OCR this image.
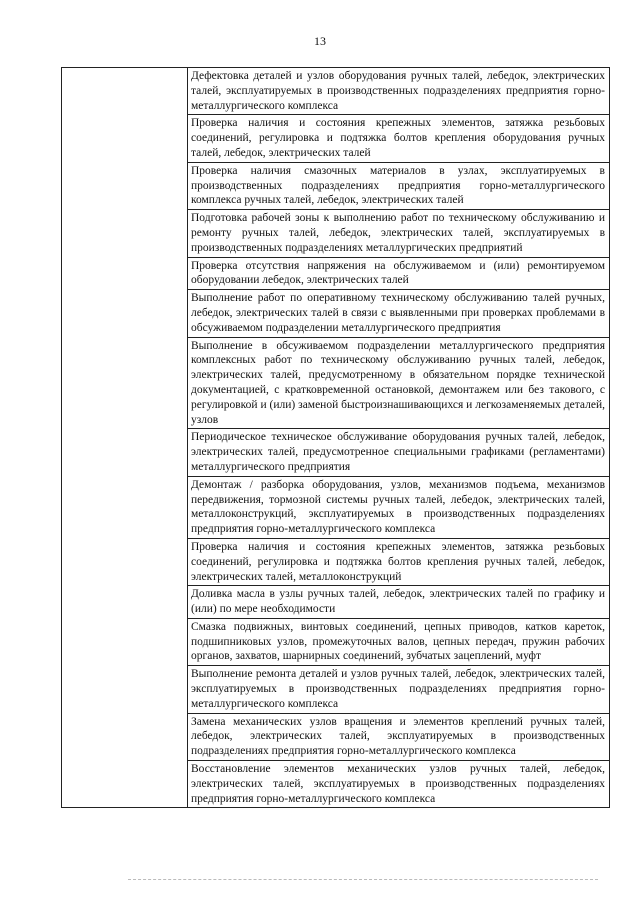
13
Дефектовка деталей и узлов оборудования ручных талей, лебедок, электрических талей, эксплуатируемых в производственных подразделениях предприятия горно-металлургического комплекса
Проверка наличия и состояния крепежных элементов, затяжка резьбовых соединений, регулировка и подтяжка болтов крепления оборудования ручных талей, лебедок, электрических талей
Проверка наличия смазочных материалов в узлах, эксплуатируемых в производственных подразделениях предприятия горно-металлургического комплекса ручных талей, лебедок, электрических талей
Подготовка рабочей зоны к выполнению работ по техническому обслуживанию и ремонту ручных талей, лебедок, электрических талей, эксплуатируемых в производственных подразделениях металлургических предприятий
Проверка отсутствия напряжения на обслуживаемом и (или) ремонтируемом оборудовании лебедок, электрических талей
Выполнение работ по оперативному техническому обслуживанию талей ручных, лебедок, электрических талей в связи с выявленными при проверках проблемами в обсуживаемом подразделении металлургического предприятия
Выполнение в обсуживаемом подразделении металлургического предприятия комплексных работ по техническому обслуживанию ручных талей, лебедок, электрических талей, предусмотренному в обязательном порядке технической документацией, с кратковременной остановкой, демонтажем или без такового, с регулировкой и (или) заменой быстроизнашивающихся и легкозаменяемых деталей, узлов
Периодическое техническое обслуживание оборудования ручных талей, лебедок, электрических талей, предусмотренное специальными графиками (регламентами) металлургического предприятия
Демонтаж / разборка оборудования, узлов, механизмов подъема, механизмов передвижения, тормозной системы ручных талей, лебедок, электрических талей, металлоконструкций, эксплуатируемых в производственных подразделениях предприятия горно-металлургического комплекса
Проверка наличия и состояния крепежных элементов, затяжка резьбовых соединений, регулировка и подтяжка болтов крепления ручных талей, лебедок, электрических талей, металлоконструкций
Доливка масла в узлы ручных талей, лебедок, электрических талей по графику и (или) по мере необходимости
Смазка подвижных, винтовых соединений, цепных приводов, катков кареток, подшипниковых узлов, промежуточных валов, цепных передач, пружин рабочих органов, захватов, шарнирных соединений, зубчатых зацеплений, муфт
Выполнение ремонта деталей и узлов ручных талей, лебедок, электрических талей, эксплуатируемых в производственных подразделениях предприятия горно-металлургического комплекса
Замена механических узлов вращения и элементов креплений ручных талей, лебедок, электрических талей, эксплуатируемых в производственных подразделениях предприятия горно-металлургического комплекса
Восстановление элементов механических узлов ручных талей, лебедок, электрических талей, эксплуатируемых в производственных подразделениях предприятия горно-металлургического комплекса
